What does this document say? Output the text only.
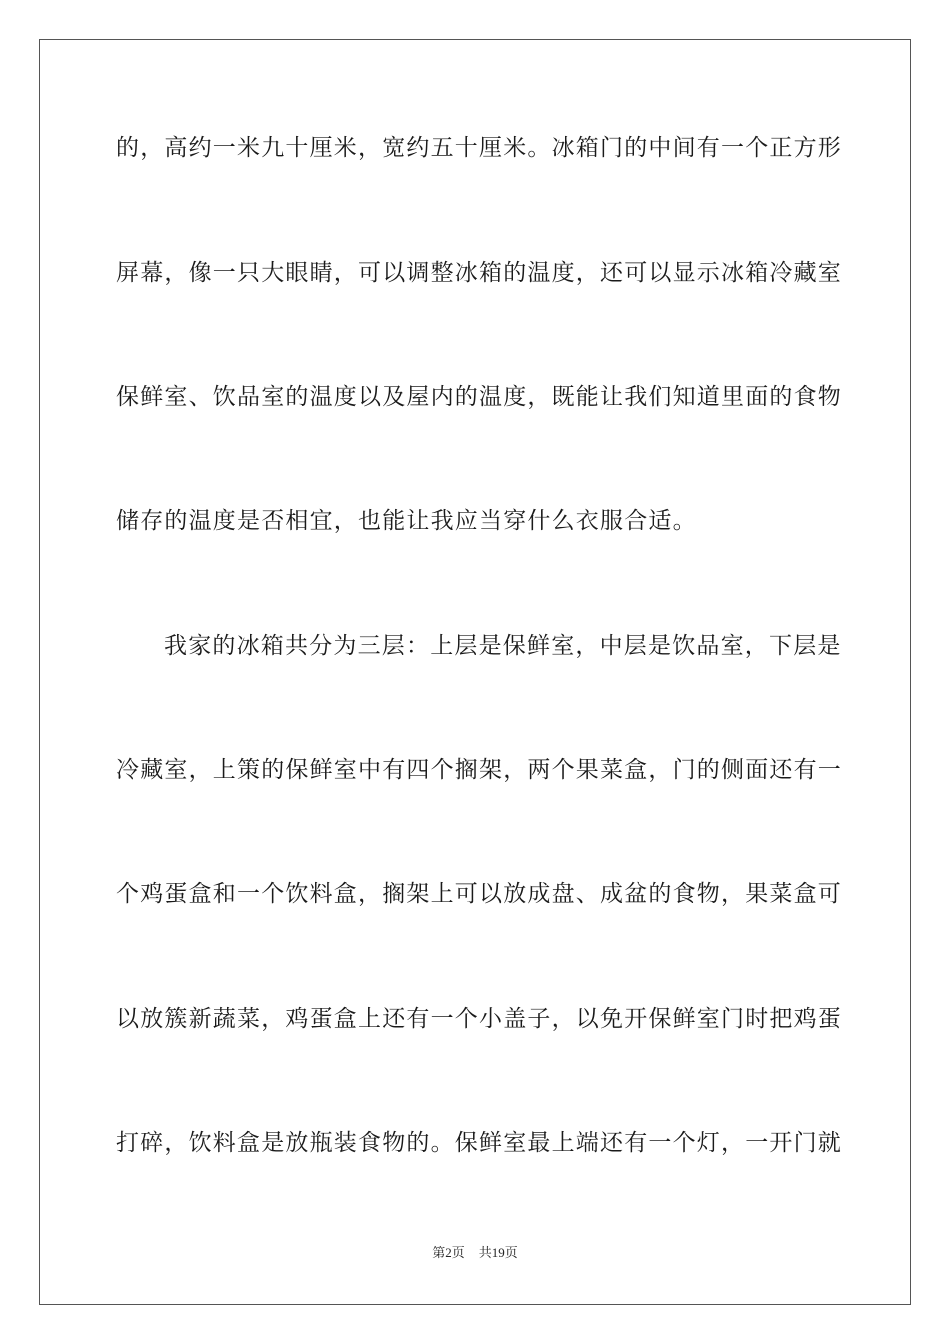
的，高约一米九十厘米，宽约五十厘米。冰箱门的中间有一个正方形
屏幕，像一只大眼睛，可以调整冰箱的温度，还可以显示冰箱冷藏室
保鲜室、饮品室的温度以及屋内的温度，既能让我们知道里面的食物
储存的温度是否相宜，也能让我应当穿什么衣服合适。
我家的冰箱共分为三层：上层是保鲜室，中层是饮品室，下层是
冷藏室，上策的保鲜室中有四个搁架，两个果菜盒，门的侧面还有一
个鸡蛋盒和一个饮料盒，搁架上可以放成盘、成盆的食物，果菜盒可
以放簇新蔬菜，鸡蛋盒上还有一个小盖子，以免开保鲜室门时把鸡蛋
打碎，饮料盒是放瓶装食物的。保鲜室最上端还有一个灯，一开门就
第2页 共19页
